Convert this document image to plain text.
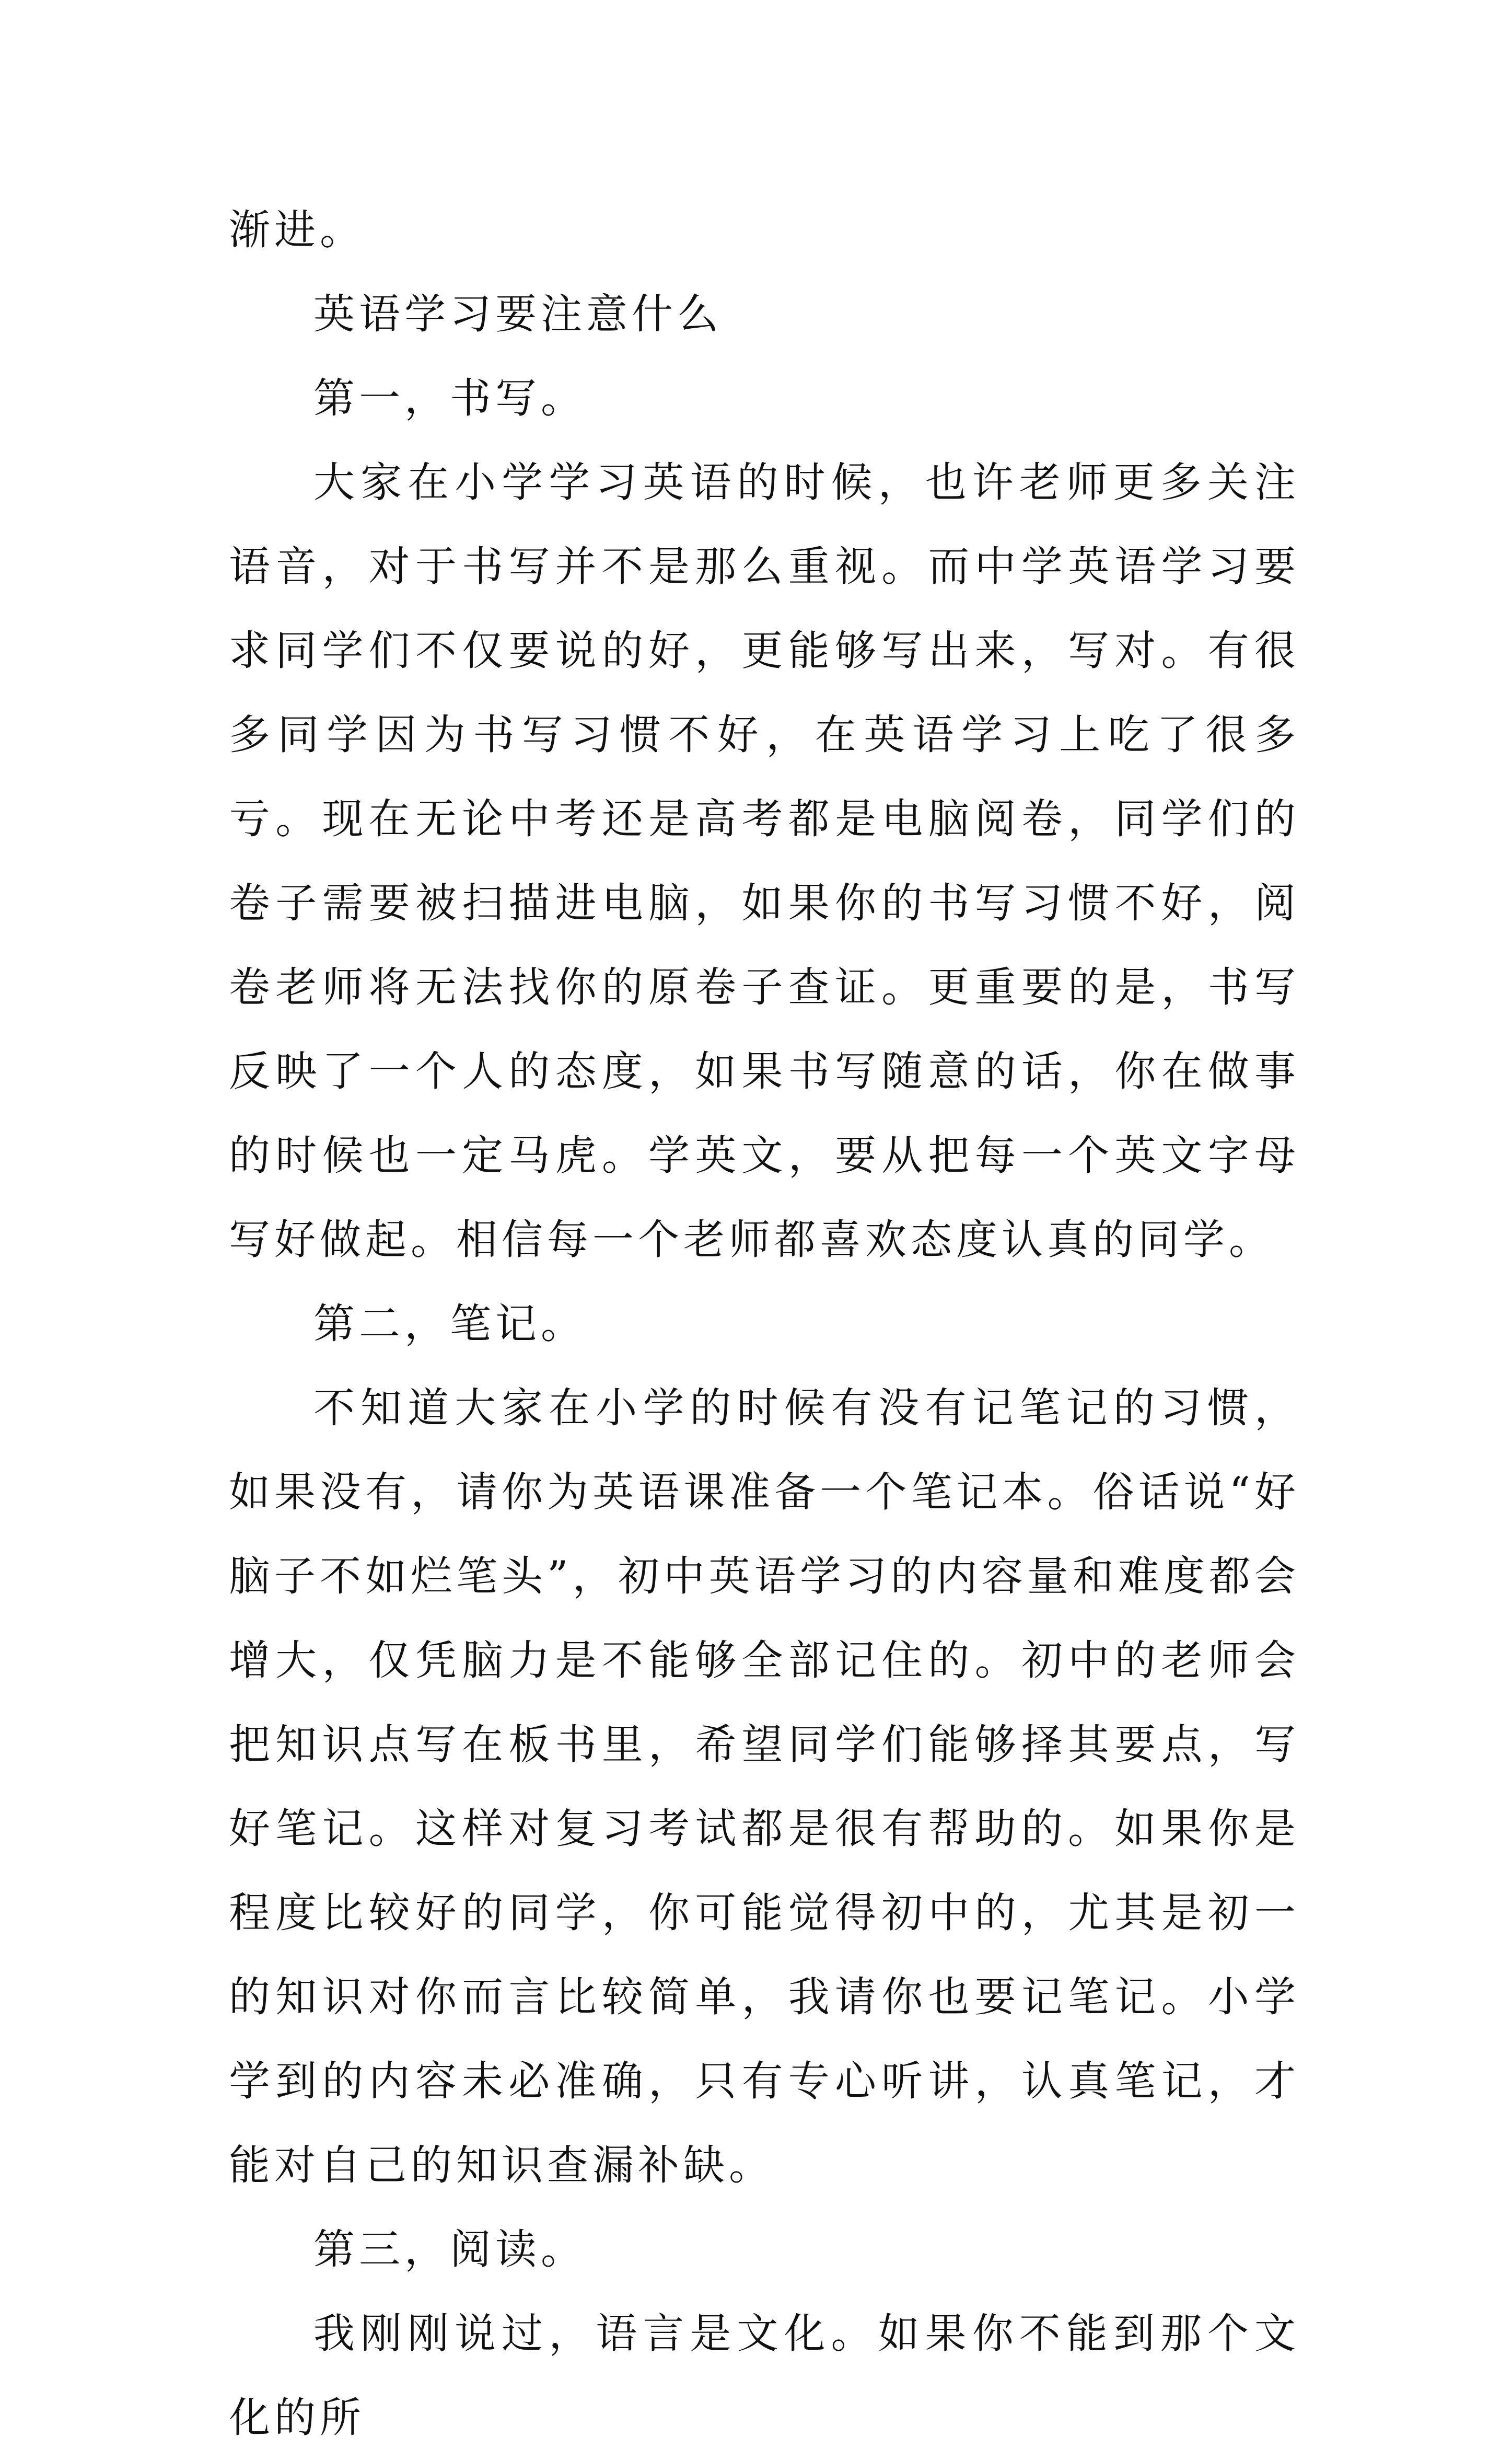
渐进。

英语学习要注意什么

第一，书写。

大家在小学学习英语的时候，也许老师更多关注语音，对于书写并不是那么重视。而中学英语学习要求同学们不仅要说的好，更能够写出来，写对。有很多同学因为书写习惯不好，在英语学习上吃了很多亏。现在无论中考还是高考都是电脑阅卷，同学们的卷子需要被扫描进电脑，如果你的书写习惯不好，阅卷老师将无法找你的原卷子查证。更重要的是，书写反映了一个人的态度，如果书写随意的话，你在做事的时候也一定马虎。学英文，要从把每一个英文字母写好做起。相信每一个老师都喜欢态度认真的同学。

第二，笔记。

不知道大家在小学的时候有没有记笔记的习惯，如果没有，请你为英语课准备一个笔记本。俗话说“好脑子不如烂笔头”，初中英语学习的内容量和难度都会增大，仅凭脑力是不能够全部记住的。初中的老师会把知识点写在板书里，希望同学们能够择其要点，写好笔记。这样对复习考试都是很有帮助的。如果你是程度比较好的同学，你可能觉得初中的，尤其是初一的知识对你而言比较简单，我请你也要记笔记。小学学到的内容未必准确，只有专心听讲，认真笔记，才能对自己的知识查漏补缺。

第三，阅读。

我刚刚说过，语言是文化。如果你不能到那个文化的所
